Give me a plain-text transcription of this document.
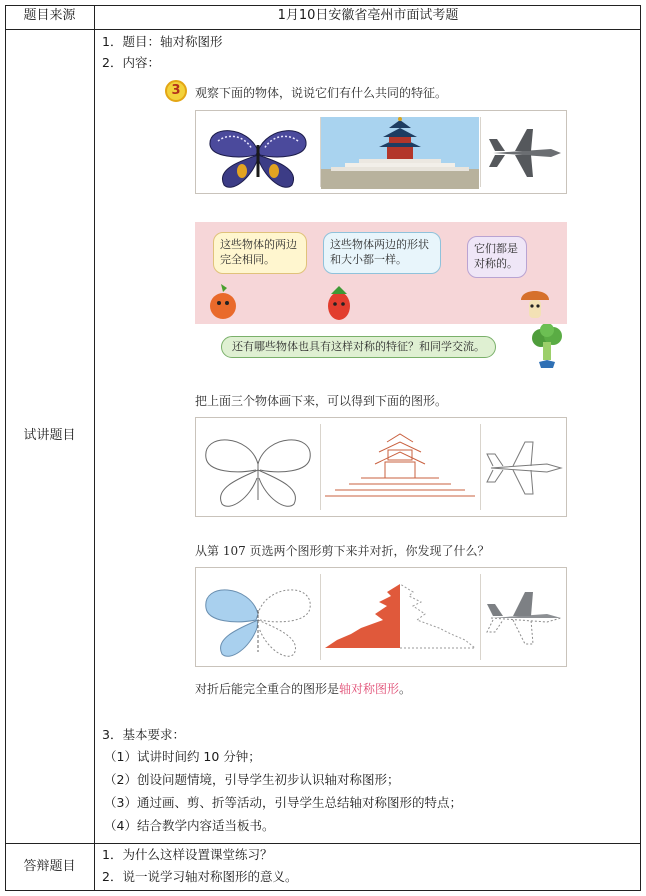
题目来源	1月10日安徽省亳州市面试考题
试讲题目
答辩题目
1．题目：轴对称图形
2．内容：
3	观察下面的物体，说说它们有什么共同的特征。
这些物体的两边完全相同。
这些物体两边的形状和大小都一样。
它们都是对称的。
还有哪些物体也具有这样对称的特征？和同学交流。
把上面三个物体画下来，可以得到下面的图形。
从第 107 页选两个图形剪下来并对折，你发现了什么？
对折后能完全重合的图形是轴对称图形。
3．基本要求：
（1）试讲时间约 10 分钟；
（2）创设问题情境，引导学生初步认识轴对称图形；
（3）通过画、剪、折等活动，引导学生总结轴对称图形的特点；
（4）结合教学内容适当板书。
1．为什么这样设置课堂练习？
2．说一说学习轴对称图形的意义。
